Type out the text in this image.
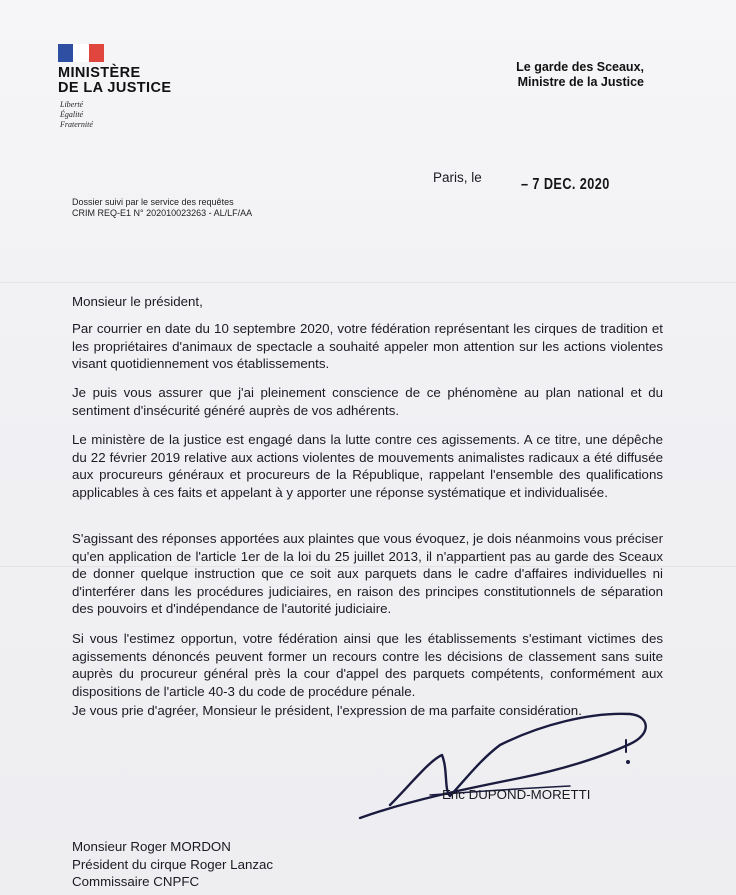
MINISTÈRE
DE LA JUSTICE
Liberté
Égalité
Fraternité
Le garde des Sceaux,
Ministre de la Justice
Paris, le	– 7 DEC. 2020
Dossier suivi par le service des requêtes
CRIM REQ-E1 N° 202010023263 - AL/LF/AA
Monsieur le président,
Par courrier en date du 10 septembre 2020, votre fédération représentant les cirques de tradition et les propriétaires d'animaux de spectacle a souhaité appeler mon attention sur les actions violentes visant quotidiennement vos établissements.
Je puis vous assurer que j'ai pleinement conscience de ce phénomène au plan national et du sentiment d'insécurité généré auprès de vos adhérents.
Le ministère de la justice est engagé dans la lutte contre ces agissements. A ce titre, une dépêche du 22 février 2019 relative aux actions violentes de mouvements animalistes radicaux a été diffusée aux procureurs généraux et procureurs de la République, rappelant l'ensemble des qualifications applicables à ces faits et appelant à y apporter une réponse systématique et individualisée.
S'agissant des réponses apportées aux plaintes que vous évoquez, je dois néanmoins vous préciser qu'en application de l'article 1er de la loi du 25 juillet 2013, il n'appartient pas au garde des Sceaux de donner quelque instruction que ce soit aux parquets dans le cadre d'affaires individuelles ni d'interférer dans les procédures judiciaires, en raison des principes constitutionnels de séparation des pouvoirs et d'indépendance de l'autorité judiciaire.
Si vous l'estimez opportun, votre fédération ainsi que les établissements s'estimant victimes des agissements dénoncés peuvent former un recours contre les décisions de classement sans suite auprès du procureur général près la cour d'appel des parquets compétents, conformément aux dispositions de l'article 40-3 du code de procédure pénale.
Je vous prie d'agréer, Monsieur le président, l'expression de ma parfaite considération.
Eric DUPOND-MORETTI
Monsieur Roger MORDON
Président du cirque Roger Lanzac
Commissaire CNPFC
